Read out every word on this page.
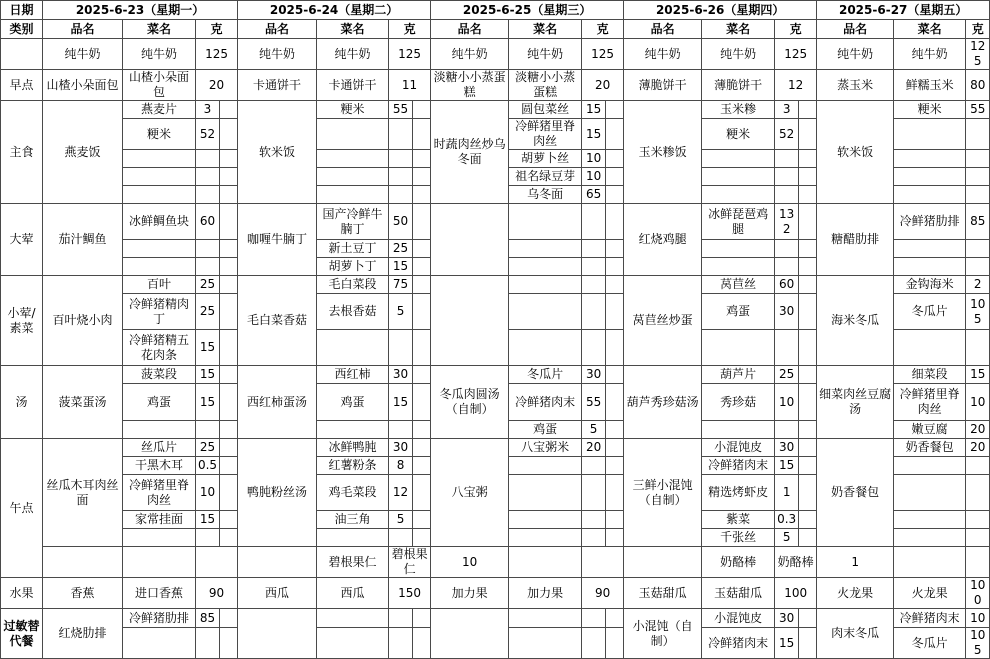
日期	2025-6-23（星期一）				2025-6-24（星期二）				2025-6-25（星期三）				2025-6-26（星期四）				2025-6-27（星期五）		
类别	品名	菜名	克		品名	菜名	克		品名	菜名	克		品名	菜名	克		品名	菜名	克
	纯牛奶	纯牛奶	125		纯牛奶	纯牛奶	125		纯牛奶	纯牛奶	125		纯牛奶	纯牛奶	125		纯牛奶	纯牛奶	125
早点	山楂小朵面包	山楂小朵面包	20		卡通饼干	卡通饼干	11		淡糖小小蒸蛋糕	淡糖小小蒸蛋糕	20		薄脆饼干	薄脆饼干	12		蒸玉米	鲜糯玉米	80
主食	燕麦饭	燕麦片	3		软米饭	粳米	55		时蔬肉丝炒乌冬面	圆包菜丝	15		玉米糁饭	玉米糁	3		软米饭	粳米	55
		粳米	52							冷鲜猪里脊肉丝	15			粳米	52				
										胡萝卜丝	10								
										祖名绿豆芽	10								
										乌冬面	65								
大荤	茄汁鲷鱼	冰鲜鲷鱼块	60		咖喱牛腩丁	国产冷鲜牛腩丁	50						红烧鸡腿	冰鲜琵琶鸡腿	132		糖醋肋排	冷鲜猪肋排	85
						新土豆丁	25												
						胡萝卜丁	15												
小荤/素菜	百叶烧小肉	百叶	25		毛白菜香菇	毛白菜段	75						莴苣丝炒蛋	莴苣丝	60		海米冬瓜	金钩海米	2
		冷鲜猪精肉丁	25			去根香菇	5							鸡蛋	30			冬瓜片	105
		冷鲜猪精五花肉条	15																
汤	菠菜蛋汤	菠菜段	15		西红柿蛋汤	西红柿	30		冬瓜肉圆汤（自制）	冬瓜片	30		葫芦秀珍菇汤	葫芦片	25		细菜肉丝豆腐汤	细菜段	15
		鸡蛋	15			鸡蛋	15			冷鲜猪肉末	55			秀珍菇	10			冷鲜猪里脊肉丝	10
										鸡蛋	5							嫩豆腐	20
午点	丝瓜木耳肉丝面	丝瓜片	25		鸭肫粉丝汤	冰鲜鸭肫	30		八宝粥	八宝粥米	20		三鲜小混饨（自制）	小混饨皮	30		奶香餐包	奶香餐包	20
		干黑木耳	0.5			红薯粉条	8							冷鲜猪肉末	15				
		冷鲜猪里脊肉丝	10			鸡毛菜段	12							精选烤虾皮	1				
		家常挂面	15			油三角	5							紫菜	0.3				
														千张丝	5				
						碧根果仁	碧根果仁		10					奶酪棒	奶酪棒		1		
水果	香蕉	进口香蕉	90		西瓜	西瓜	150		加力果	加力果	90		玉菇甜瓜	玉菇甜瓜	100		火龙果	火龙果	100
过敏替代餐	红烧肋排	冷鲜猪肋排	85										小混饨（自制）	小混饨皮	30		肉末冬瓜	冷鲜猪肉末	10
														冷鲜猪肉末	15			冬瓜片	105
